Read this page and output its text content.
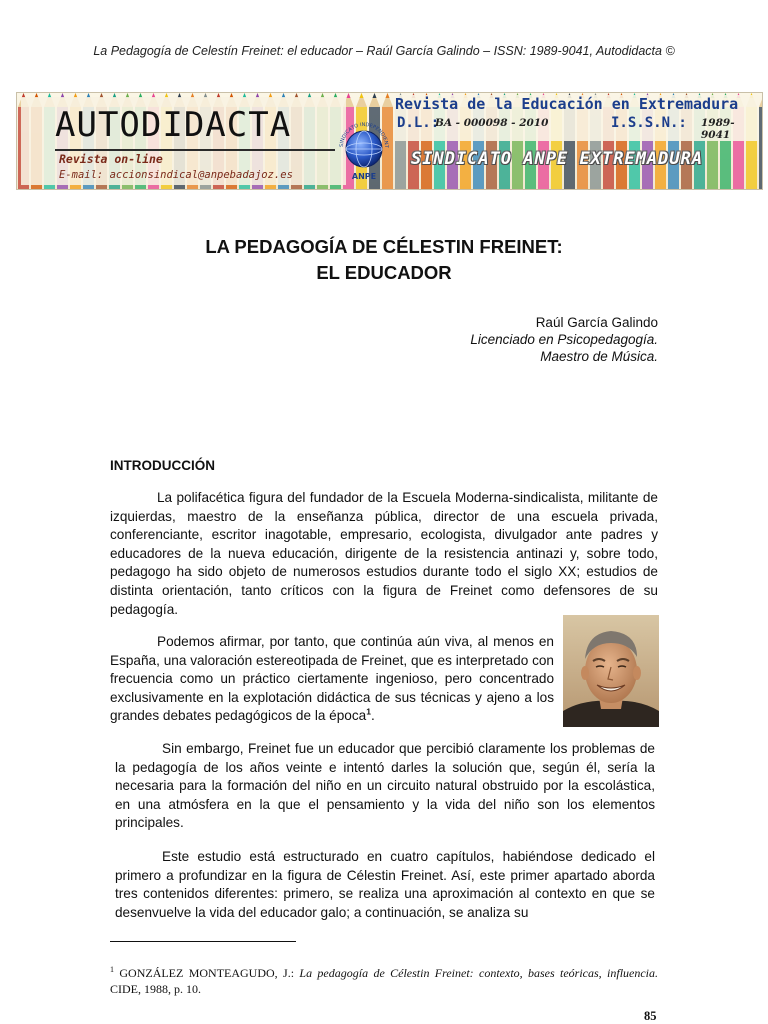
La Pedagogía de Celestín Freinet: el educador – Raúl García Galindo – ISSN: 1989-9041, Autodidacta ©
AUTODIDACTA
Revista on-line
E-mail: accionsindical@anpebadajoz.es
SINDICATO INDEPENDIENT
ANPE
Revista de la Educación en Extremadura
D.L.:
BA - 000098 - 2010	I.S.S.N.: 1989-9041
SINDICATO ANPE EXTREMADURA
LA PEDAGOGÍA DE CÉLESTIN FREINET:
EL EDUCADOR
Raúl García Galindo
Licenciado en Psicopedagogía.
Maestro de Música.
INTRODUCCIÓN

La polifacética figura del fundador de la Escuela Moderna-sindicalista, militante de izquierdas, maestro de la enseñanza pública, director de una escuela privada, conferenciante, escritor inagotable, empresario, ecologista, divulgador ante padres y educadores de la nueva educación, dirigente de la resistencia antinazi y, sobre todo, pedagogo ha sido objeto de numerosos estudios durante todo el siglo XX; estudios de distinta orientación, tanto críticos con la figura de Freinet como defensores de su pedagogía.

Podemos afirmar, por tanto, que continúa aún viva, al menos en España, una valoración estereotipada de Freinet, que es interpretado con frecuencia como un práctico ciertamente ingenioso, pero concentrado exclusivamente en la explotación didáctica de sus técnicas y ajeno a los grandes debates pedagógicos de la época$^1$.

Sin embargo, Freinet fue un educador que percibió claramente los problemas de la pedagogía de los años veinte e intentó darles la solución que, según él, sería la necesaria para la formación del niño en un circuito natural obstruido por la escolástica, en una atmósfera en la que el pensamiento y la vida del niño son los elementos principales.

Este estudio está estructurado en cuatro capítulos, habiéndose dedicado el primero a profundizar en la figura de Célestin Freinet. Así, este primer apartado aborda tres contenidos diferentes: primero, se realiza una aproximación al contexto en que se desenvuelve la vida del educador galo; a continuación, se analiza su

$^1$ GONZÁLEZ MONTEAGUDO, J.: La pedagogía de Célestin Freinet: contexto, bases teóricas, influencia. CIDE, 1988, p. 10.
85
